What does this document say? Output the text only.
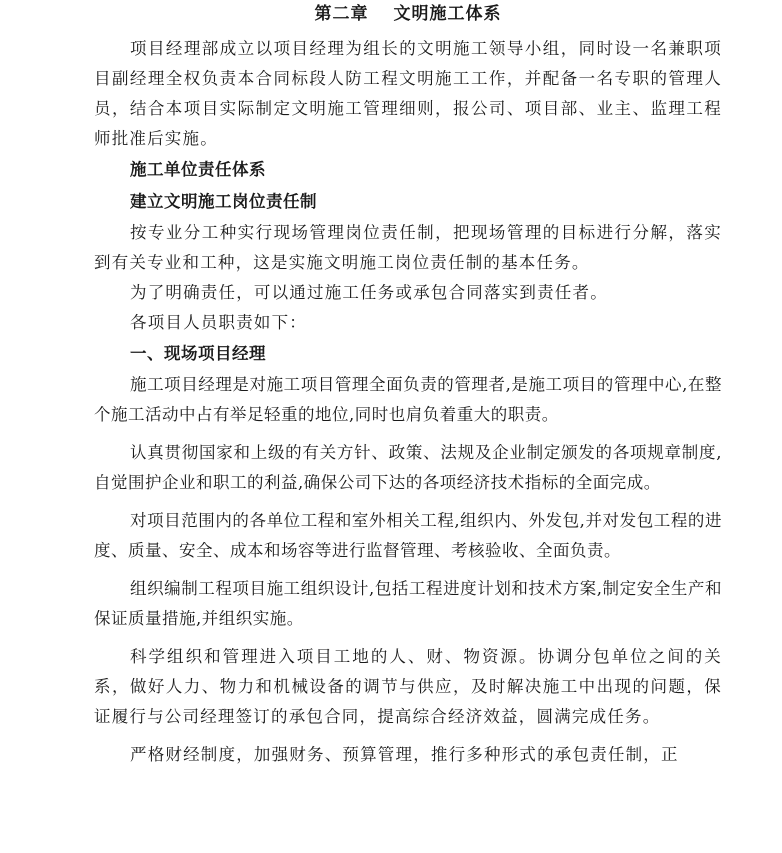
第二章　 文明施工体系

项目经理部成立以项目经理为组长的文明施工领导小组，同时设一名兼职项目副经理全权负责本合同标段人防工程文明施工工作，并配备一名专职的管理人员，结合本项目实际制定文明施工管理细则，报公司、项目部、业主、监理工程师批准后实施。

施工单位责任体系

建立文明施工岗位责任制

按专业分工种实行现场管理岗位责任制，把现场管理的目标进行分解，落实到有关专业和工种，这是实施文明施工岗位责任制的基本任务。

为了明确责任，可以通过施工任务或承包合同落实到责任者。

各项目人员职责如下：

一、现场项目经理

施工项目经理是对施工项目管理全面负责的管理者,是施工项目的管理中心,在整个施工活动中占有举足轻重的地位,同时也肩负着重大的职责。

认真贯彻国家和上级的有关方针、政策、法规及企业制定颁发的各项规章制度,自觉围护企业和职工的利益,确保公司下达的各项经济技术指标的全面完成。

对项目范围内的各单位工程和室外相关工程,组织内、外发包,并对发包工程的进度、质量、安全、成本和场容等进行监督管理、考核验收、全面负责。

组织编制工程项目施工组织设计,包括工程进度计划和技术方案,制定安全生产和保证质量措施,并组织实施。

科学组织和管理进入项目工地的人、财、物资源。协调分包单位之间的关系，做好人力、物力和机械设备的调节与供应，及时解决施工中出现的问题，保证履行与公司经理签订的承包合同，提高综合经济效益，圆满完成任务。

严格财经制度，加强财务、预算管理，推行多种形式的承包责任制，正
